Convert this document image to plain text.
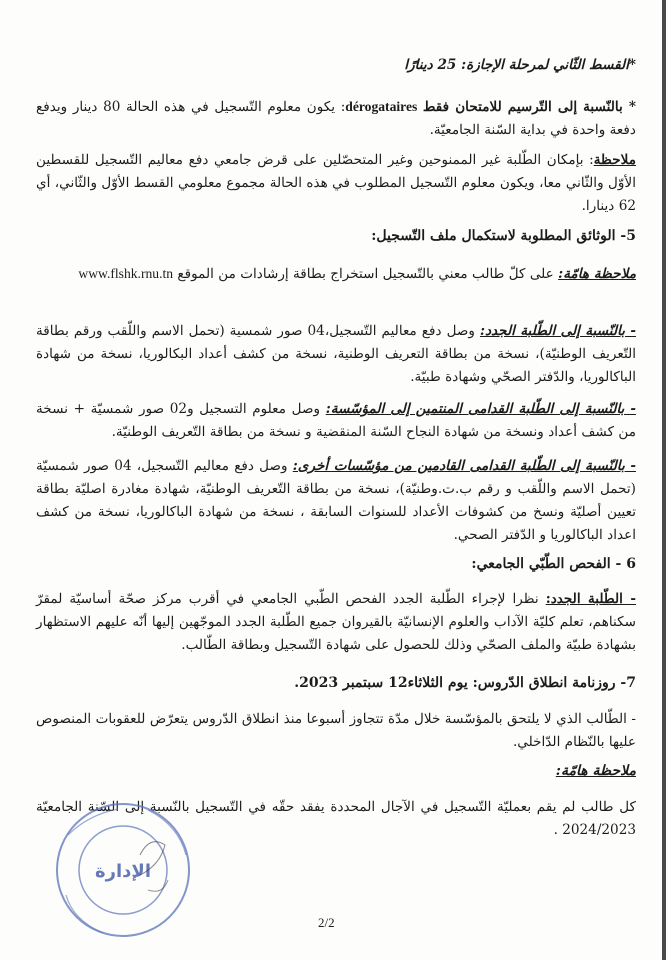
*القسط الثّاني لمرحلة الإجازة: 25 دينارًا
* بالنّسبة إلى التّرسيم للامتحان فقط dérogataires: يكون معلوم التّسجيل في هذه الحالة 80 دينار ويدفع دفعة واحدة في بداية السّنة الجامعيّة.
ملاحظة: بإمكان الطّلبة غير الممنوحين وغير المتحصّلين على قرض جامعي دفع معاليم التّسجيل للقسطين الأوّل والثّاني معا، ويكون معلوم التّسجيل المطلوب في هذه الحالة مجموع معلومي القسط الأوّل والثّاني، أي 62 دينارا.
5- الوثائق المطلوبة لاستكمال ملف التّسجيل:
ملاحظة هامّة: على كلّ طالب معني بالتّسجيل استخراج بطاقة إرشادات من الموقع www.flshk.rnu.tn
- بالنّسبة إلى الطّلبة الجدد: وصل دفع معاليم التّسجيل،04 صور شمسية (تحمل الاسم واللّقب ورقم بطاقة التّعريف الوطنيّة)، نسخة من بطاقة التعريف الوطنية، نسخة من كشف أعداد البكالوريا، نسخة من شهادة الباكالوريا، والدّفتر الصحّي وشهادة طبيّة.
- بالنّسبة إلى الطّلبة القدامى المنتمين إلى المؤسّسة: وصل معلوم التسجيل و02 صور شمسيّة + نسخة من كشف أعداد ونسخة من شهادة النجاح السّنة المنقضية و نسخة من بطاقة التّعريف الوطنيّة.
- بالنّسبة إلى الطّلبة القدامى القادمين من مؤسّسات أخرى: وصل دفع معاليم التّسجيل، 04 صور شمسيّة (تحمل الاسم واللّقب و رقم ب.ت.وطنيّة)، نسخة من بطاقة التّعريف الوطنيّة، شهادة مغادرة اصليّة بطاقة تعيين أصليّة ونسخ من كشوفات الأعداد للسنوات السابقة ، نسخة من شهادة الباكالوريا، نسخة من كشف اعداد الباكالوريا و الدّفتر الصحي.
6 - الفحص الطّبّي الجامعي:
- الطّلبة الجدد: نظرا لإجراء الطّلبة الجدد الفحص الطّبي الجامعي في أقرب مركز صحّة أساسيّة لمقرّ سكناهم، تعلم كليّة الآداب والعلوم الإنسانيّة بالقيروان جميع الطّلبة الجدد الموجّهين إليها أنّه عليهم الاستظهار بشهادة طبيّة والملف الصحّي وذلك للحصول على شهادة التّسجيل وبطاقة الطّالب.
7- روزنامة انطلاق الدّروس: يوم الثلاثاء12 سبتمبر 2023.
- الطّالب الذي لا يلتحق بالمؤسّسة خلال مدّة تتجاوز أسبوعا منذ انطلاق الدّروس يتعرّض للعقوبات المنصوص عليها بالنّظام الدّاخلي.
ملاحظة هامّة:
كل طالب لم يقم بعمليّة التّسجيل في الآجال المحددة يفقد حقّه في التّسجيل بالنّسبة إلى السّنة الجامعيّة 2024/2023 .
الإدارة
2/2
